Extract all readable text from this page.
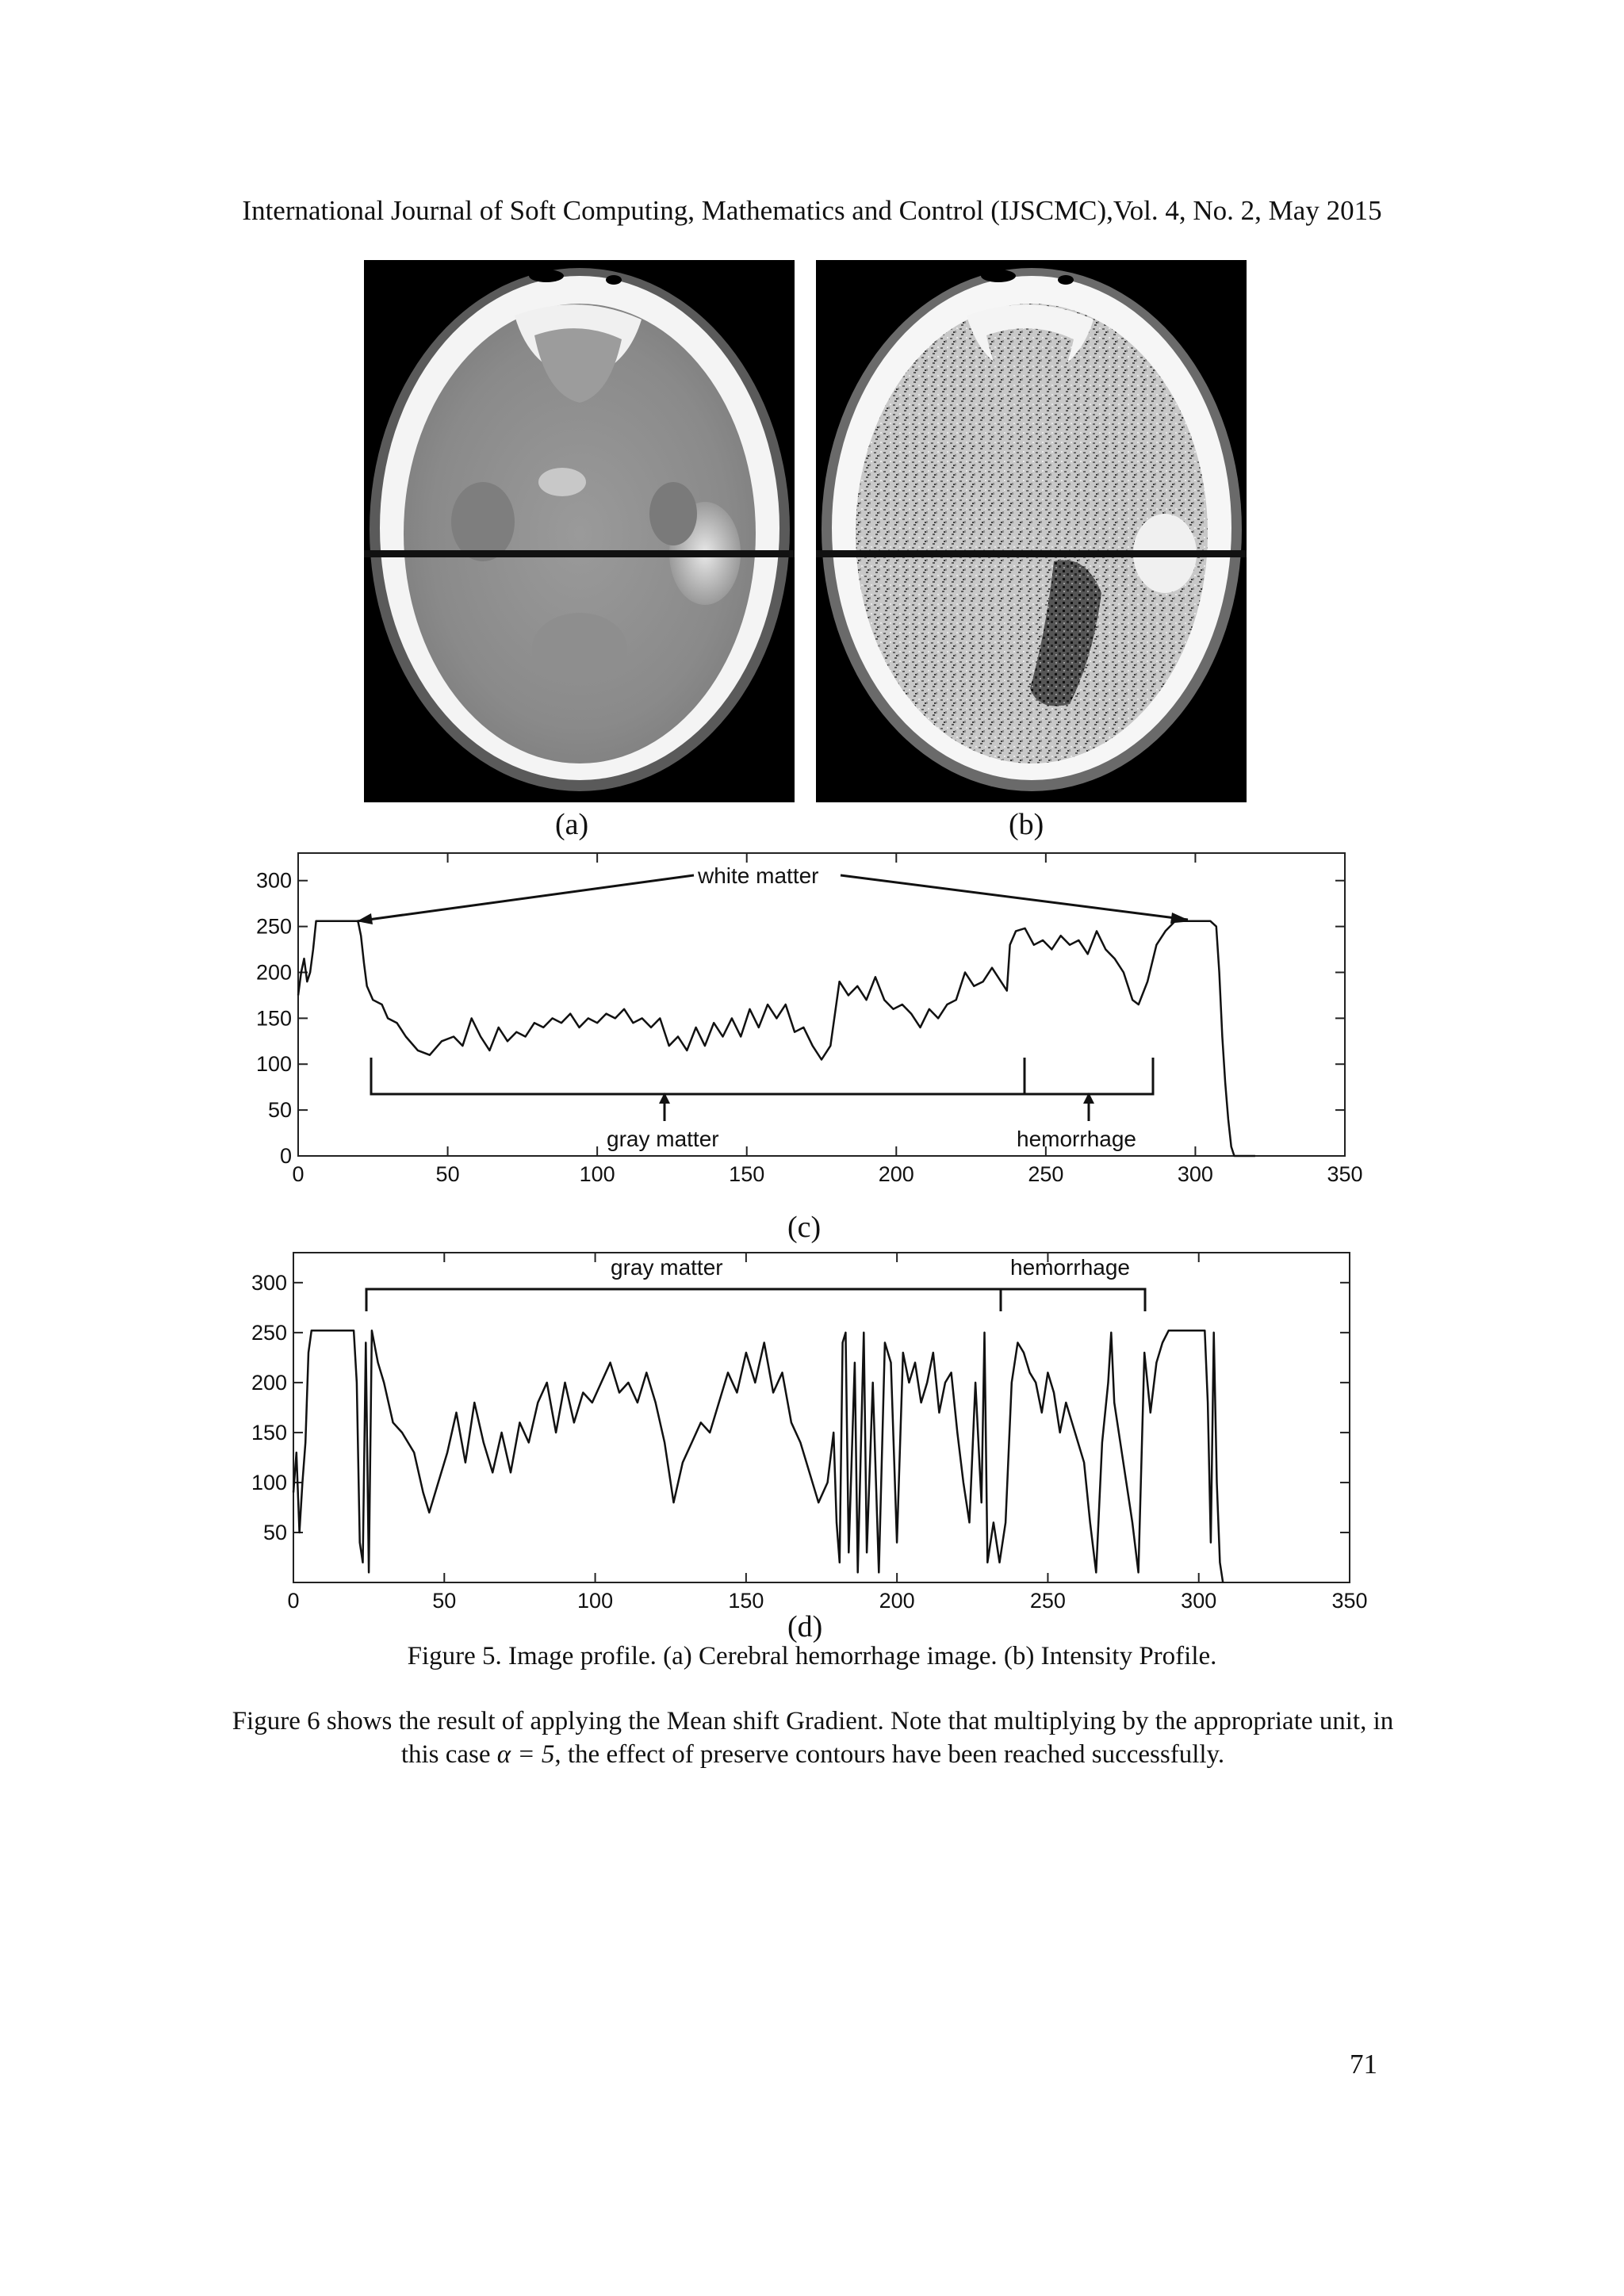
International Journal of Soft Computing, Mathematics and Control (IJSCMC),Vol. 4, No. 2, May 2015
(a)	(b)
0	50	100	150	200	250	300	350
0
50
100
150
200
250
300	white matter
gray matter	hemorrhage
(c)
0	50	100	150	200	250	300	350
50
100
150
200
250
300
gray matter	hemorrhage
(d)
Figure 5. Image profile. (a) Cerebral hemorrhage image. (b) Intensity Profile.
Figure 6 shows the result of applying the Mean shift Gradient. Note that multiplying by the appropriate unit, in this case α = 5, the effect of preserve contours have been reached successfully.
71
